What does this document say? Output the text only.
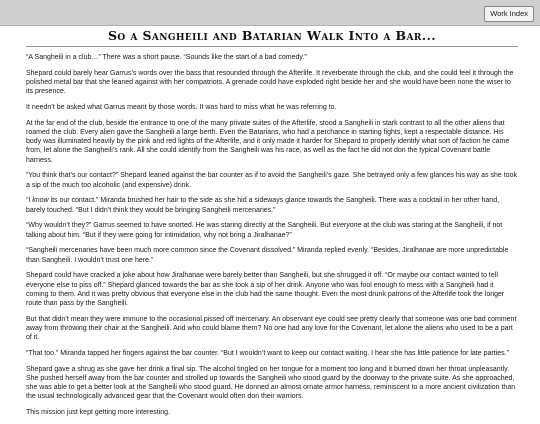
Work Index
So a Sangheili and Batarian Walk Into a Bar...

“A Sangheili in a club…” There was a short pause. “Sounds like the start of a bad comedy.”

Shepard could barely hear Garrus’s words over the bass that resounded through the Afterlife. It reverberate through the club, and she could feel it through the polished metal bar that she leaned against with her compatriots. A grenade could have exploded right beside her and she would have been none the wiser to its presence.

It needn’t be asked what Garrus meant by those words. It was hard to miss what he was referring to.

At the far end of the club, beside the entrance to one of the many private suites of the Afterlife, stood a Sangheili in stark contrast to all the other aliens that roamed the club. Every alien gave the Sangheili a large berth. Even the Batarians, who had a perchance in starting fights, kept a respectable distance. His body was illuminated heavily by the pink and red lights of the Afterlife, and it only made it harder for Shepard to properly identify what sort of faction he came from, let alone the Sangheili’s rank. All she could identify from the Sangheili was his race, as well as the fact he did not don the typical Covenant battle harness.

“You think that’s our contact?” Shepard leaned against the bar counter as if to avoid the Sangheili’s gaze. She betrayed only a few glances his way as she took a sip of the much too alcoholic (and expensive) drink.

“I know its our contact.” Miranda brushed her hair to the side as she hid a sideways glance towards the Sangheili. There was a cocktail in her other hand, barely touched. “But I didn’t think they would be bringing Sangheili mercenaries.”

“Why wouldn’t they?” Garrus seemed to have snorted. He was staring directly at the Sangheili. But everyone at the club was staring at the Sangheili, if not talking about him. “But if they were going for intimidation, why not bring a Jiralhanae?”

“Sangheili mercenaries have been much more common since the Covenant dissolved.” Miranda replied evenly. “Besides, Jiralhanae are more unpredictable than Sangheili. I wouldn’t trust one here.”

Shepard could have cracked a joke about how Jiralhanae were barely better than Sangheili, but she shrugged it off. “Or maybe our contact wanted to tell everyone else to piss off.” Shepard glanced towards the bar as she took a sip of her drink. Anyone who was fool enough to mess with a Sangheili had it coming to them. And it was pretty obvious that everyone else in the club had the same thought. Even the most drunk patrons of the Afterlife took the longer route than pass by the Sangheili.

But that didn’t mean they were immune to the occasional pissed off mercenary. An observant eye could see pretty clearly that someone was one bad comment away from throwing their chair at the Sangheili. And who could blame them? No one had any love for the Covenant, let alone the aliens who used to be a part of it.

“That too.” Miranda tapped her fingers against the bar counter. “But I wouldn’t want to keep our contact waiting. I hear she has little patience for late parties.”

Shepard gave a shrug as she gave her drink a final sip. The alcohol tingled on her tongue for a moment too long and it burned down her throat unpleasantly. She pushed herself away from the bar counter and strolled up towards the Sangheili who stood guard by the doorway to the private suite. As she approached, she was able to get a better look at the Sangheili who stood guard. He donned an almost ornate armor harness, reminiscent to a more ancient civilization than the usual technologically advanced gear that the Covenant would often don their warriors.

This mission just kept getting more interesting.
